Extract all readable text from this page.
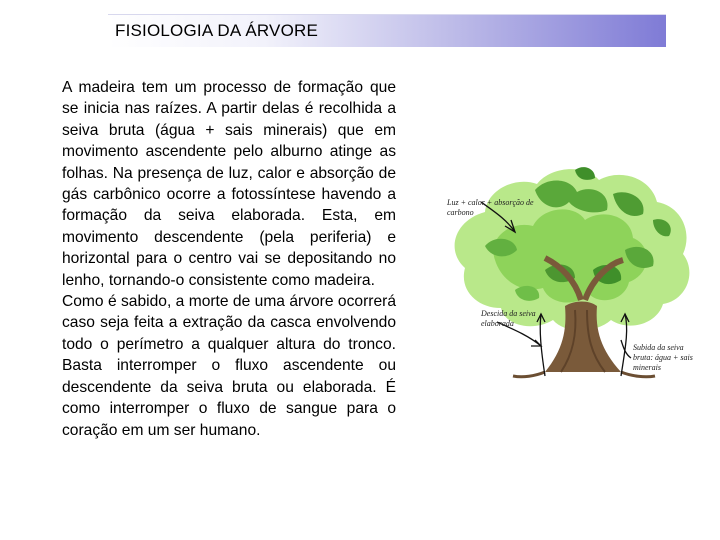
FISIOLOGIA DA ÁRVORE

A madeira tem um processo de formação que se inicia nas raízes. A partir delas é recolhida a seiva bruta (água + sais minerais) que em movimento ascendente pelo alburno atinge as folhas. Na presença de luz, calor e absorção de gás carbônico ocorre a fotossíntese havendo a formação da seiva elaborada. Esta, em movimento descendente (pela periferia) e horizontal para o centro vai se depositando no lenho, tornando-o consistente como madeira.

Como é sabido, a morte de uma árvore ocorrerá caso seja feita a extração da casca envolvendo todo o perímetro a qualquer altura do tronco. Basta interromper o fluxo ascendente ou descendente da seiva bruta ou elaborada. É como interromper o fluxo de sangue para o coração em um ser humano.

Luz + calor + absorção de
carbono
Descida da seiva
elaborada
Subida da seiva
bruta: água + sais
minerais
